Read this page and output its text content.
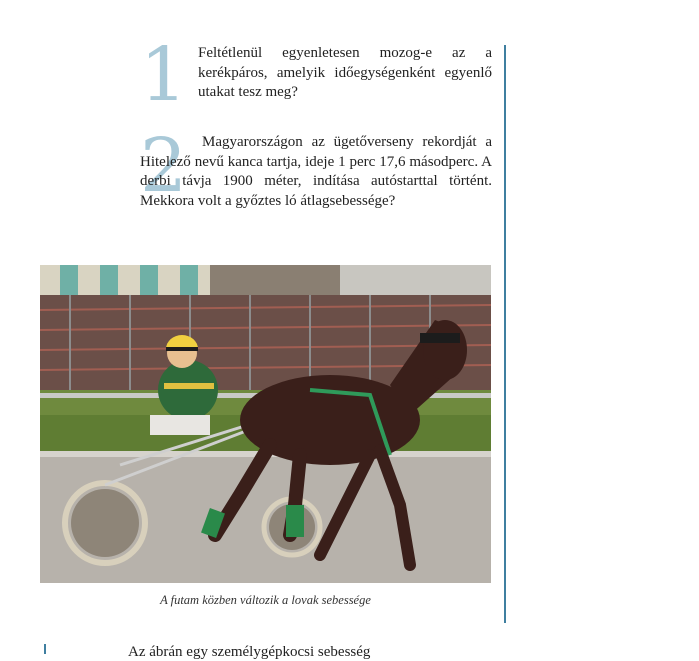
1 Feltétlenül egyenletesen mozog-e az a kerékpáros, amelyik időegységenként egyenlő utakat tesz meg?
2 Magyarországon az ügetőverseny rekordját a Hitelező nevű kanca tartja, ideje 1 perc 17,6 másodperc. A derbi távja 1900 méter, indítása autóstarttal történt. Mekkora volt a győztes ló átlagsebessége?
A futam közben változik a lovak sebessége
Az ábrán egy személygépkocsi sebesség
